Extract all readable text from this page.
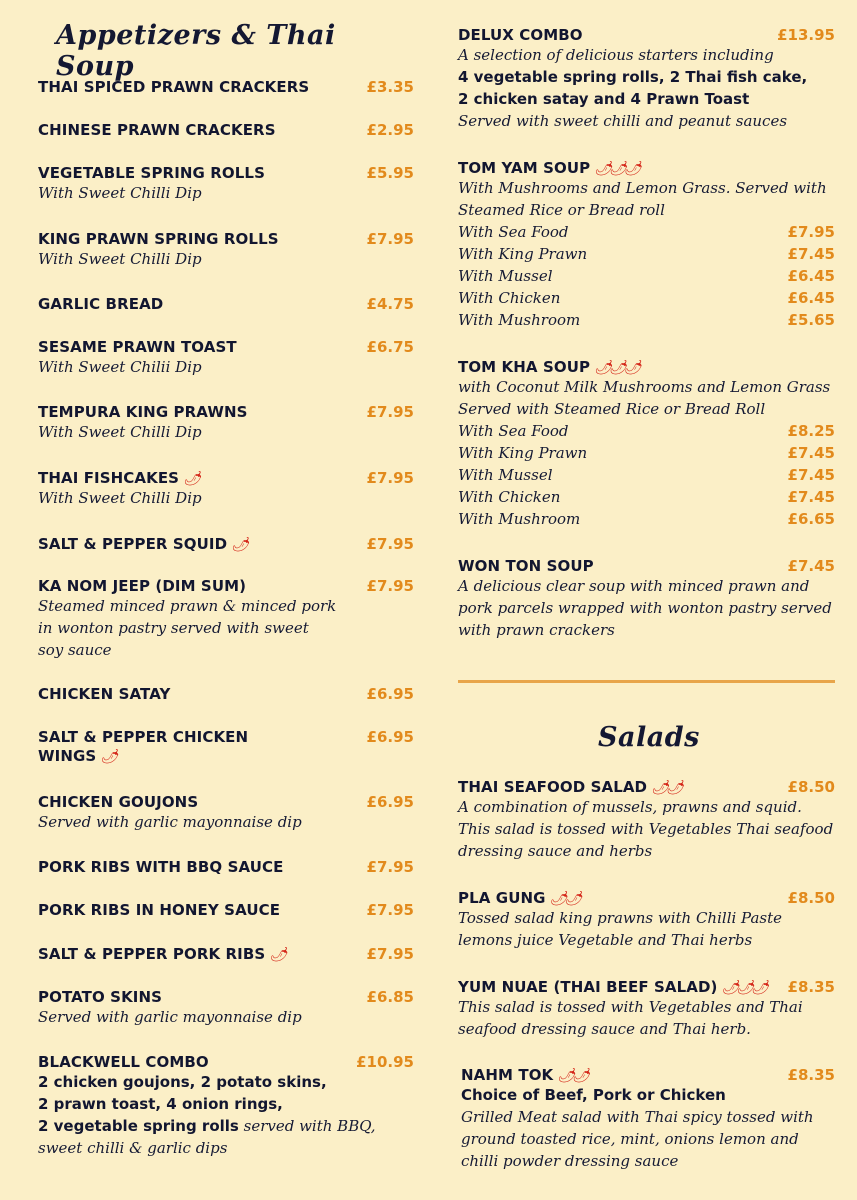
Appetizers & Thai Soup
THAI SPICED PRAWN CRACKERS	£3.35
CHINESE PRAWN CRACKERS	£2.95
VEGETABLE SPRING ROLLS	£5.95
With Sweet Chilli Dip
KING PRAWN SPRING ROLLS	£7.95
With Sweet Chilli Dip
GARLIC BREAD	£4.75
SESAME PRAWN TOAST	£6.75
With Sweet Chilii Dip
TEMPURA KING PRAWNS	£7.95
With Sweet Chilli Dip
THAI FISHCAKES 🌶	£7.95
With Sweet Chilli Dip
SALT & PEPPER SQUID 🌶	£7.95
KA NOM JEEP (DIM SUM)	£7.95
Steamed minced prawn & minced pork
in wonton pastry served with sweet
soy sauce
CHICKEN SATAY	£6.95
SALT & PEPPER CHICKEN	£6.95
WINGS 🌶
CHICKEN GOUJONS	£6.95
Served with garlic mayonnaise dip
PORK RIBS WITH BBQ SAUCE	£7.95
PORK RIBS IN HONEY SAUCE	£7.95
SALT & PEPPER PORK RIBS 🌶	£7.95
POTATO SKINS	£6.85
Served with garlic mayonnaise dip
BLACKWELL COMBO	£10.95
2 chicken goujons, 2 potato skins,
2 prawn toast, 4 onion rings,
2 vegetable spring rolls served with BBQ,
sweet chilli & garlic dips
DELUX COMBO	£13.95
A selection of delicious starters including
4 vegetable spring rolls, 2 Thai fish cake,
2 chicken satay and 4 Prawn Toast
Served with sweet chilli and peanut sauces
TOM YAM SOUP 🌶🌶🌶
With Mushrooms and Lemon Grass. Served with
Steamed Rice or Bread roll
With Sea Food	£7.95
With King Prawn	£7.45
With Mussel	£6.45
With Chicken	£6.45
With Mushroom	£5.65
TOM KHA SOUP 🌶🌶🌶
with Coconut Milk Mushrooms and Lemon Grass
Served with Steamed Rice or Bread Roll
With Sea Food	£8.25
With King Prawn	£7.45
With Mussel	£7.45
With Chicken	£7.45
With Mushroom	£6.65
WON TON SOUP	£7.45
A delicious clear soup with minced prawn and
pork parcels wrapped with wonton pastry served
with prawn crackers
Salads
THAI SEAFOOD SALAD 🌶🌶	£8.50
A combination of mussels, prawns and squid.
This salad is tossed with Vegetables Thai seafood
dressing sauce and herbs
PLA GUNG 🌶🌶	£8.50
Tossed salad king prawns with Chilli Paste
lemons juice Vegetable and Thai herbs
YUM NUAE (THAI BEEF SALAD) 🌶🌶🌶 £8.35
This salad is tossed with Vegetables and Thai
seafood dressing sauce and Thai herb.
NAHM TOK 🌶🌶	£8.35
Choice of Beef, Pork or Chicken
Grilled Meat salad with Thai spicy tossed with
ground toasted rice, mint, onions lemon and
chilli powder dressing sauce
